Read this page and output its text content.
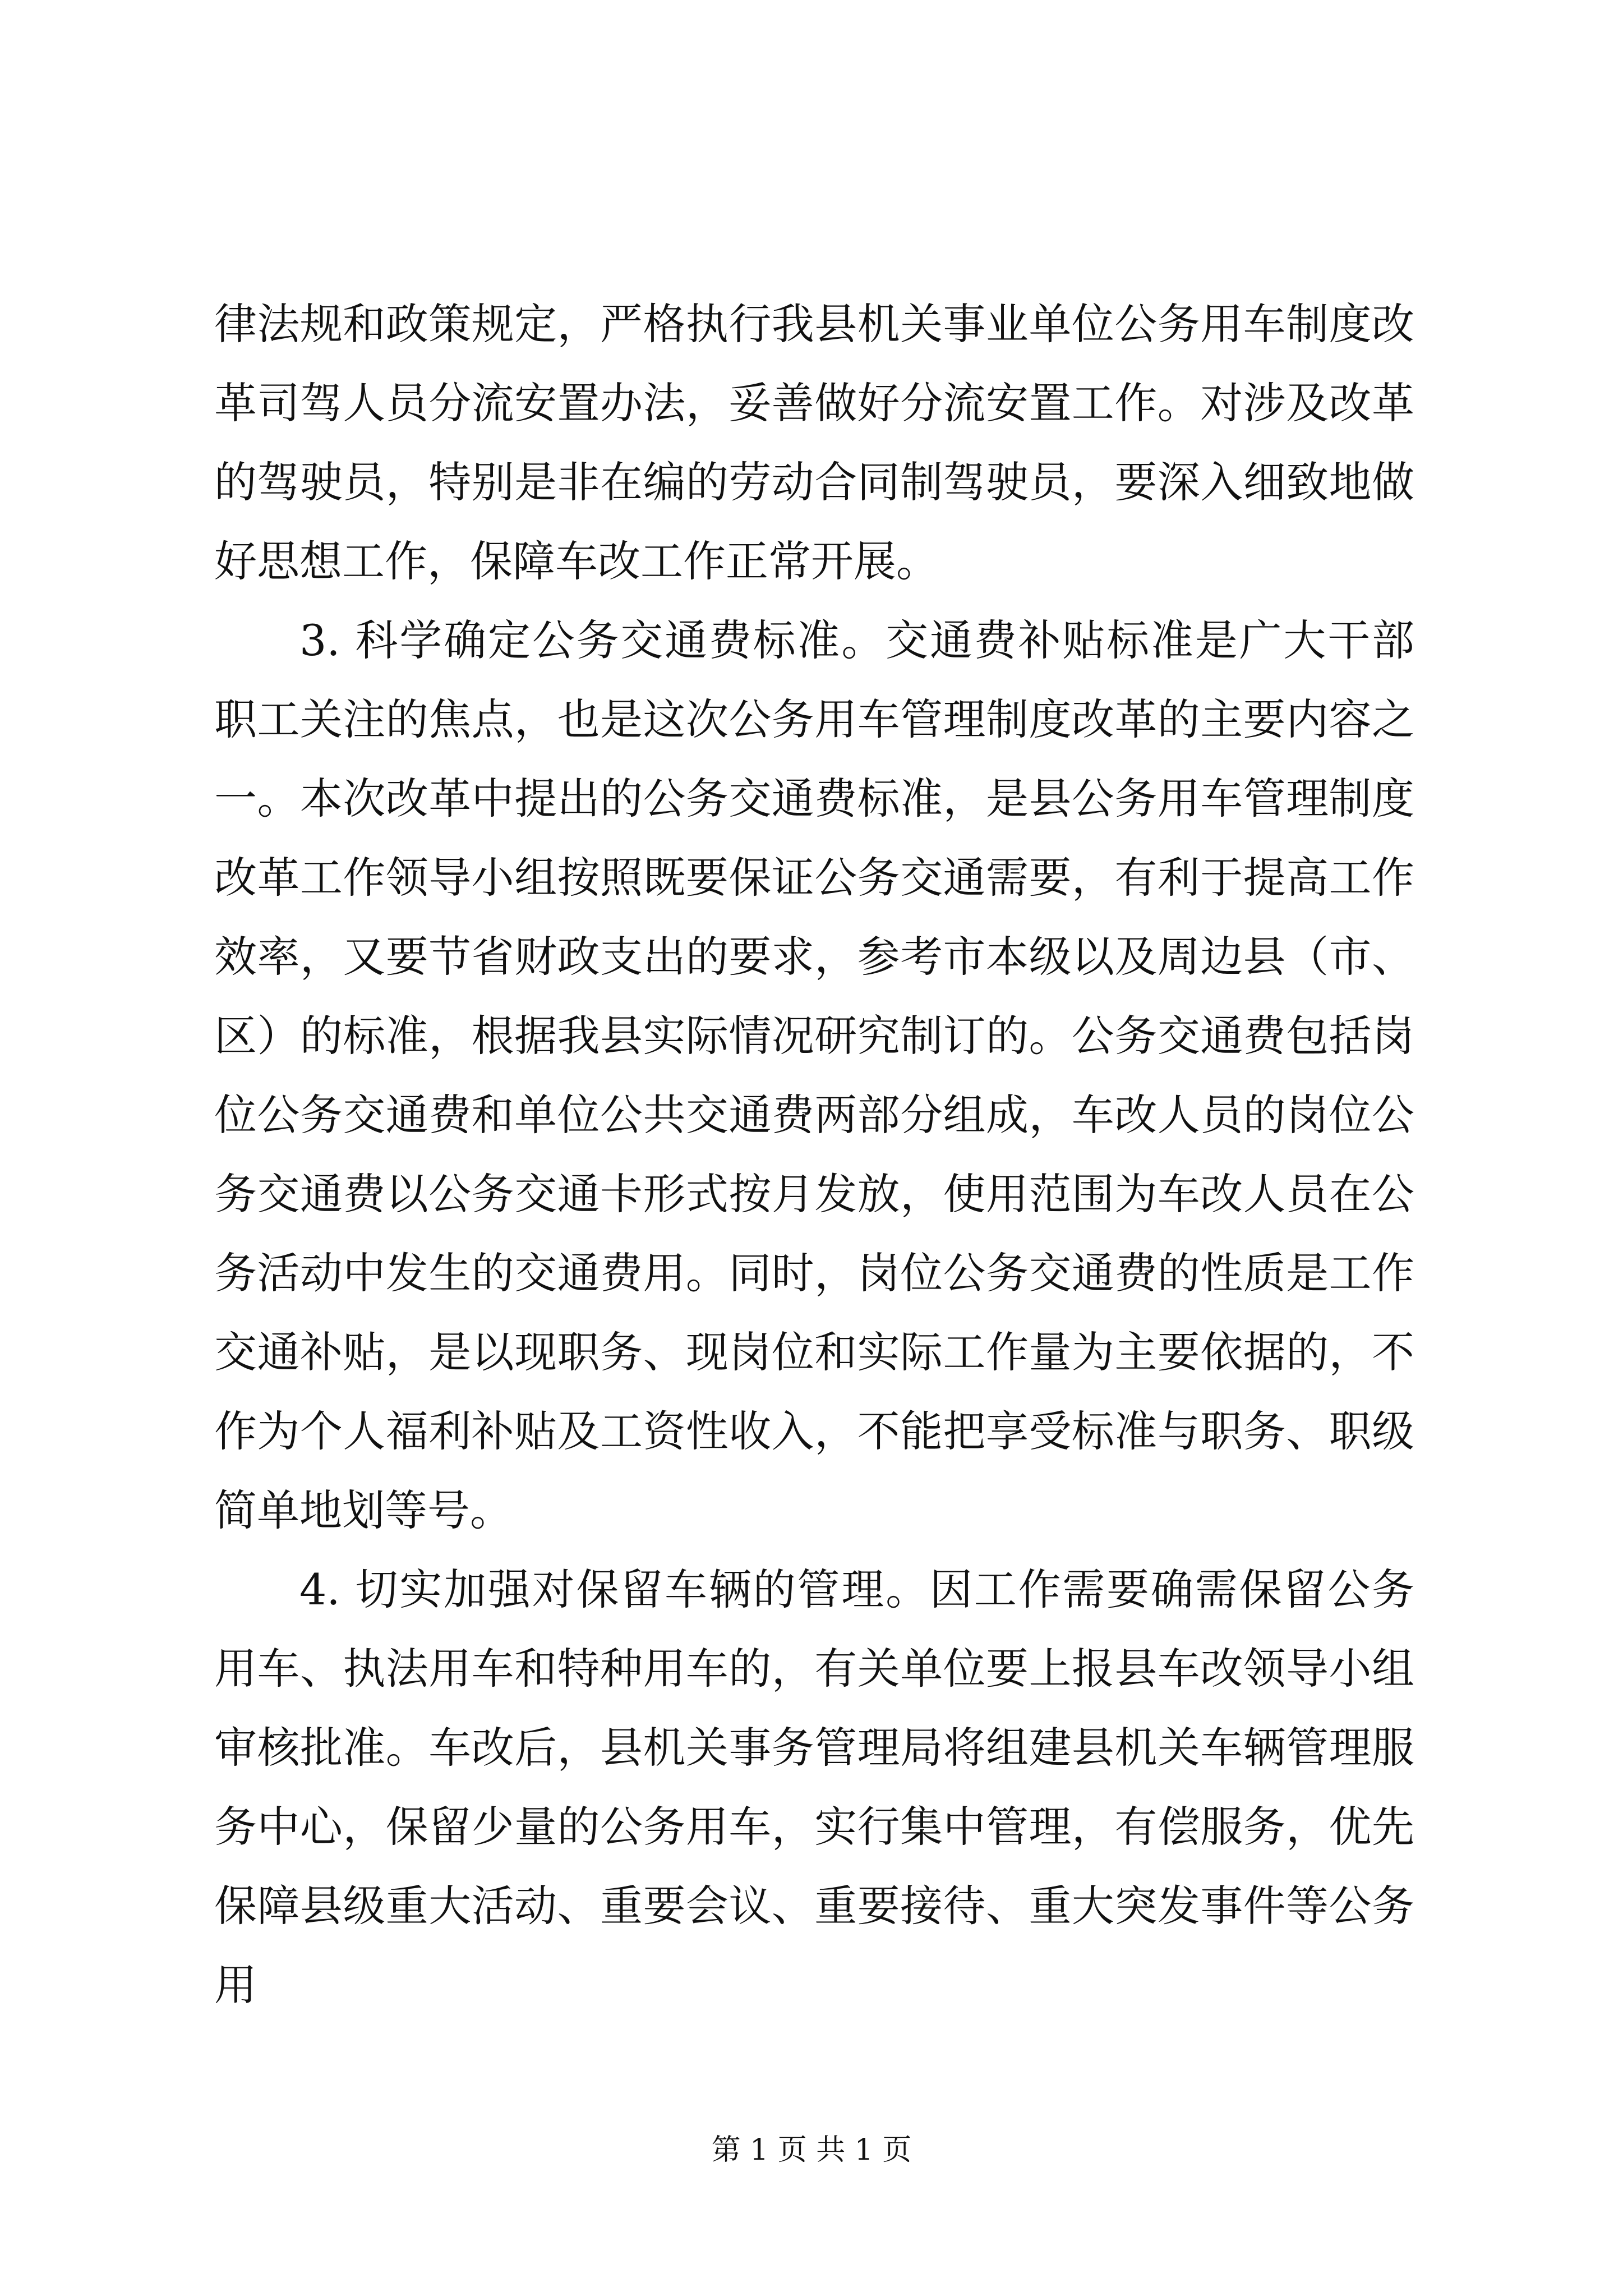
律法规和政策规定，严格执行我县机关事业单位公务用车制度改革司驾人员分流安置办法，妥善做好分流安置工作。对涉及改革的驾驶员，特别是非在编的劳动合同制驾驶员，要深入细致地做好思想工作，保障车改工作正常开展。

3. 科学确定公务交通费标准。交通费补贴标准是广大干部职工关注的焦点，也是这次公务用车管理制度改革的主要内容之一。本次改革中提出的公务交通费标准，是县公务用车管理制度改革工作领导小组按照既要保证公务交通需要，有利于提高工作效率，又要节省财政支出的要求，参考市本级以及周边县（市、区）的标准，根据我县实际情况研究制订的。公务交通费包括岗位公务交通费和单位公共交通费两部分组成，车改人员的岗位公务交通费以公务交通卡形式按月发放，使用范围为车改人员在公务活动中发生的交通费用。同时，岗位公务交通费的性质是工作交通补贴，是以现职务、现岗位和实际工作量为主要依据的，不作为个人福利补贴及工资性收入，不能把享受标准与职务、职级简单地划等号。

4. 切实加强对保留车辆的管理。因工作需要确需保留公务用车、执法用车和特种用车的，有关单位要上报县车改领导小组审核批准。车改后，县机关事务管理局将组建县机关车辆管理服务中心，保留少量的公务用车，实行集中管理，有偿服务，优先保障县级重大活动、重要会议、重要接待、重大突发事件等公务用

第 1 页 共 1 页
